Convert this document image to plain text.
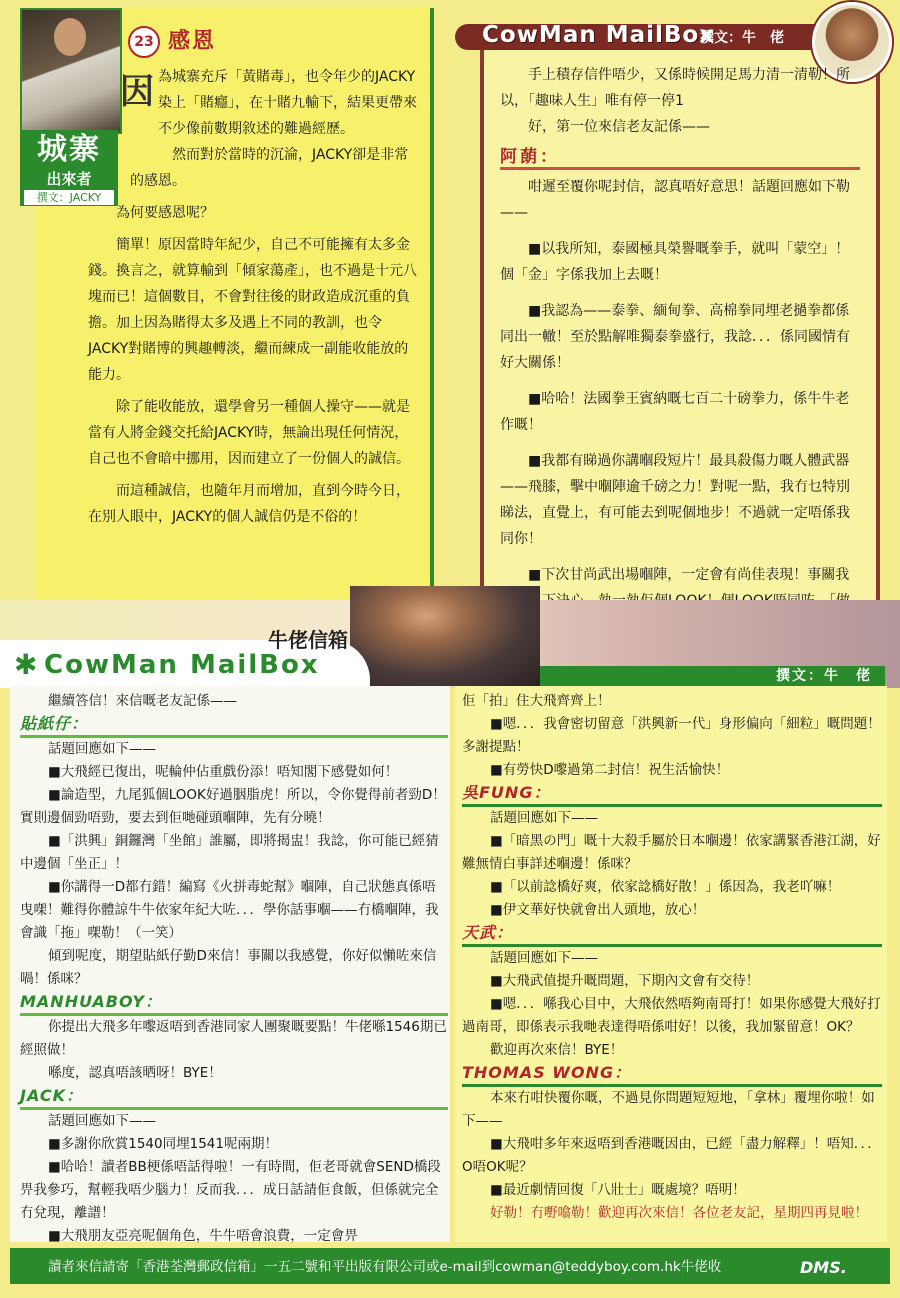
城寨
出來者
撰文：JACKY
23 感恩
因 為城寨充斥「黃賭毒」，也令年少的JACKY染上「賭癮」，在十賭九輸下，結果更帶來不少像前數期敘述的難過經歷。

然而對於當時的沉淪，JACKY卻是非常的感恩。

為何要感恩呢？

簡單！原因當時年紀少，自己不可能擁有太多金錢。換言之，就算輸到「傾家蕩產」，也不過是十元八塊而已！這個數目，不會對往後的財政造成沉重的負擔。加上因為賭得太多及遇上不同的教訓，也令JACKY對賭博的興趣轉淡，繼而練成一副能收能放的能力。

除了能收能放，還學會另一種個人操守——就是當有人將金錢交托給JACKY時，無論出現任何情況，自己也不會暗中挪用，因而建立了一份個人的誠信。

而這種誠信，也隨年月而增加，直到今時今日，在別人眼中，JACKY的個人誠信仍是不俗的！

CowMan MailBox
撰文：牛　佬

手上積存信件唔少，又係時候開足馬力清一清勒！所以，「趣味人生」唯有停一停1

好，第一位來信老友記係——

阿蓢：

咁遲至覆你呢封信，認真唔好意思！話題回應如下勒——

■以我所知，泰國極具榮譽嘅拳手，就叫「蒙空」！個「金」字係我加上去嘅！

■我認為——泰拳、緬甸拳、高棉拳同埋老撾拳都係同出一轍！至於點解唯獨泰拳盛行，我諗．．．係同國情有好大關係！

■哈哈！法國拳王賓納嘅七百二十磅拳力，係牛牛老作嘅！

■我都有睇過你講嗰段短片！最具殺傷力嘅人體武器——飛膝，擊中嗰陣逾千磅之力！對呢一點，我冇乜特別睇法，直覺上，有可能去到呢個地步！不過就一定唔係我同你！

■下次甘尚武出場嗰陣，一定會有尚佳表現！事關我

牛佬信箱
✱ CowMan MailBox	撰文：牛　佬

繼續答信！來信嘅老友記係——

貼紙仔：

話題回應如下——

■大飛經已復出，呢輪仲佔重戲份添！唔知閣下感覺如何！

■論造型，九尾狐個LOOK好過胭脂虎！所以，令你覺得前者勁D！實則邊個勁唔勁，要去到佢哋碰頭嗰陣，先有分曉！

■「洪興」銅鑼灣「坐館」誰屬，即將揭盅！我諗，你可能已經猜中邊個「坐正」！

■你講得一D都冇錯！編寫《火拼毒蛇幫》嗰陣，自己狀態真係唔曳㗎！難得你體諒牛牛依家年紀大咗．．．學你話事嗰——冇橋嗰陣，我會識「拖」㗎勒！（一笑）

傾到呢度，期望貼紙仔勤D來信！事關以我感覺，你好似懶咗來信喎！係咪？

MANHUABOY：

你提出大飛多年嚟返唔到香港同家人團聚嘅要點！牛佬喺1546期已經照做！

喺度，認真唔該晒呀！BYE！

JACK：

話題回應如下——

■多謝你欣賞1540同埋1541呢兩期！

■哈哈！讀者BB梗係唔話得啦！一有時間，佢老哥就會SEND橋段畀我參巧，幫輕我唔少腦力！反而我．．．成日話請佢食飯，但係就完全冇兌現，離譜！

■大飛朋友亞亮呢個角色，牛牛唔會浪費，一定會畀

佢「拍」住大飛齊齊上！

■嗯．．．我會密切留意「洪興新一代」身形偏向「細粒」嘅問題！多謝提點！

■有勞快D嚟過第二封信！祝生活愉快！

吳FUNG：

話題回應如下——

■「暗黑の門」嘅十大殺手屬於日本嗰邊！依家講緊香港江湖，好難無情白事詳述嗰邊！係咪？

■「以前諗橋好爽，依家諗橋好散！」係因為，我老吖嘛！

■伊文華好快就會出人頭地，放心！

天武：

話題回應如下——

■大飛武值提升嘅問題，下期內文會有交待！

■嗯．．．喺我心目中，大飛依然唔夠南哥打！如果你感覺大飛好打過南哥，即係表示我哋表達得唔係咁好！以後，我加緊留意！OK？

歡迎再次來信！BYE！

THOMAS WONG：

本來冇咁快覆你嘅，不過見你問題短短地，「拿林」覆埋你啦！如下——

■大飛咁多年來返唔到香港嘅因由，已經「盡力解釋」！唔知．．．O唔OK呢？

■最近劇情回復「八壯士」嘅處境？唔明！

好勒！冇嘢噏勒！歡迎再次來信！各位老友記，星期四再見啦！

讀者來信請寄「香港荃灣郵政信箱」一五二號和平出版有限公司或e-mail到cowman@teddyboy.com.hk牛佬收	DMS.
